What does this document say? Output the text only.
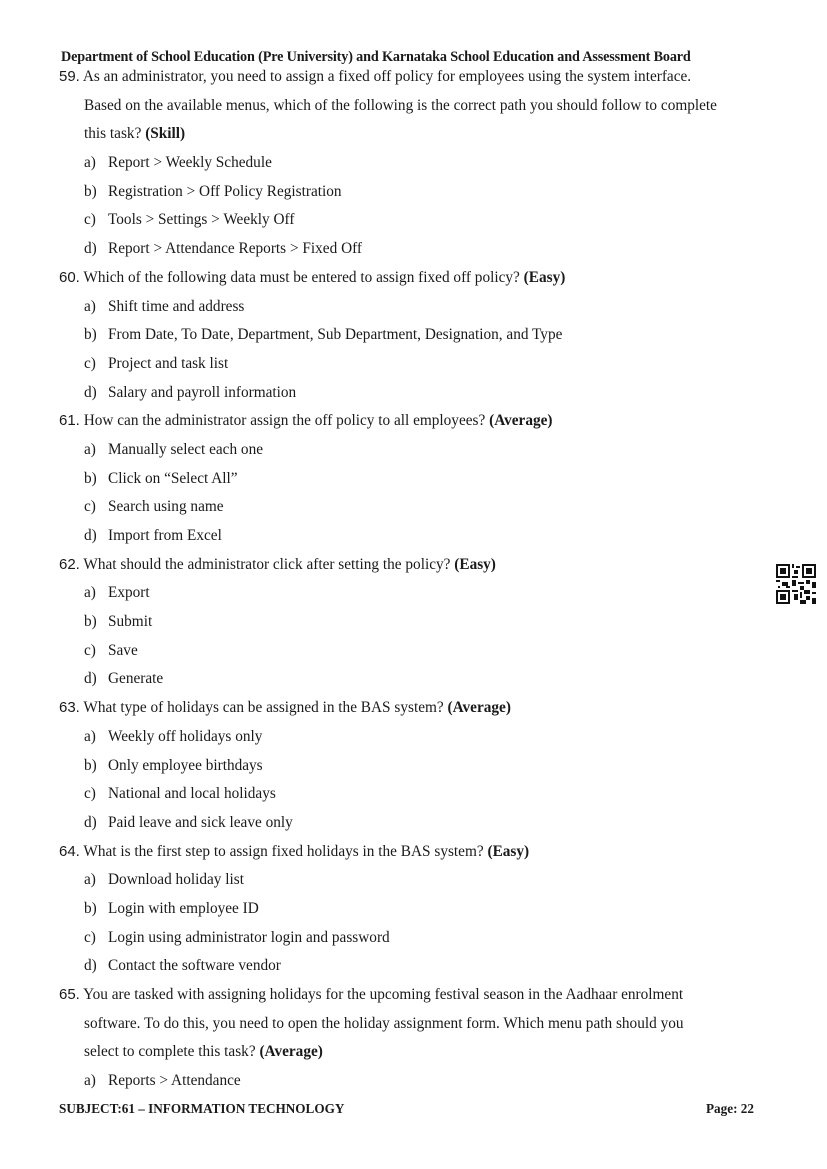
Department of School Education (Pre University) and Karnataka School Education and Assessment Board
59. As an administrator, you need to assign a fixed off policy for employees using the system interface.
Based on the available menus, which of the following is the correct path you should follow to complete
this task? (Skill)
a) Report > Weekly Schedule
b) Registration > Off Policy Registration
c) Tools > Settings > Weekly Off
d) Report > Attendance Reports > Fixed Off
60. Which of the following data must be entered to assign fixed off policy? (Easy)
a) Shift time and address
b) From Date, To Date, Department, Sub Department, Designation, and Type
c) Project and task list
d) Salary and payroll information
61. How can the administrator assign the off policy to all employees? (Average)
a) Manually select each one
b) Click on “Select All”
c) Search using name
d) Import from Excel
62. What should the administrator click after setting the policy? (Easy)
a) Export
b) Submit
c) Save
d) Generate
63. What type of holidays can be assigned in the BAS system? (Average)
a) Weekly off holidays only
b) Only employee birthdays
c) National and local holidays
d) Paid leave and sick leave only
64. What is the first step to assign fixed holidays in the BAS system? (Easy)
a) Download holiday list
b) Login with employee ID
c) Login using administrator login and password
d) Contact the software vendor
65. You are tasked with assigning holidays for the upcoming festival season in the Aadhaar enrolment
software. To do this, you need to open the holiday assignment form. Which menu path should you
select to complete this task? (Average)
a) Reports > Attendance
SUBJECT:61 – INFORMATION TECHNOLOGY	Page: 22
